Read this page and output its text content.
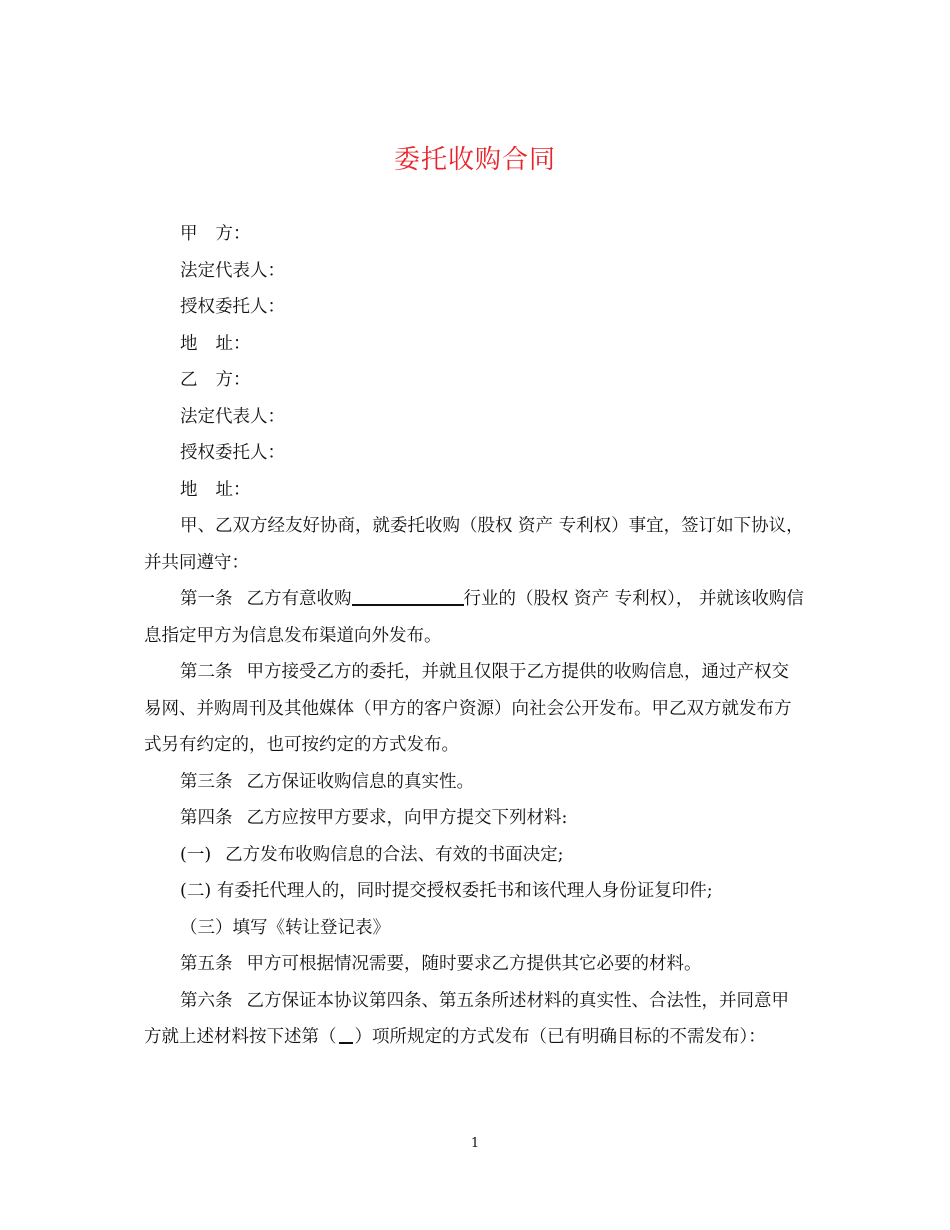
委托收购合同

甲 方：

法定代表人：

授权委托人：

地 址：

乙 方：

法定代表人：

授权委托人：

地 址：

甲、乙双方经友好协商，就委托收购（股权 资产 专利权）事宜，签订如下协议，并共同遵守：

第一条 乙方有意收购	行业的（股权 资产 专利权）， 并就该收购信息指定甲方为信息发布渠道向外发布。

第二条 甲方接受乙方的委托，并就且仅限于乙方提供的收购信息，通过产权交易网、并购周刊及其他媒体（甲方的客户资源）向社会公开发布。甲乙双方就发布方式另有约定的，也可按约定的方式发布。

第三条 乙方保证收购信息的真实性。

第四条 乙方应按甲方要求，向甲方提交下列材料:

(一) 乙方发布收购信息的合法、有效的书面决定;

(二) 有委托代理人的，同时提交授权委托书和该代理人身份证复印件;

（三）填写《转让登记表》

第五条 甲方可根据情况需要，随时要求乙方提供其它必要的材料。

第六条 乙方保证本协议第四条、第五条所述材料的真实性、合法性，并同意甲方就上述材料按下述第（ ）项所规定的方式发布（已有明确目标的不需发布）：

1
